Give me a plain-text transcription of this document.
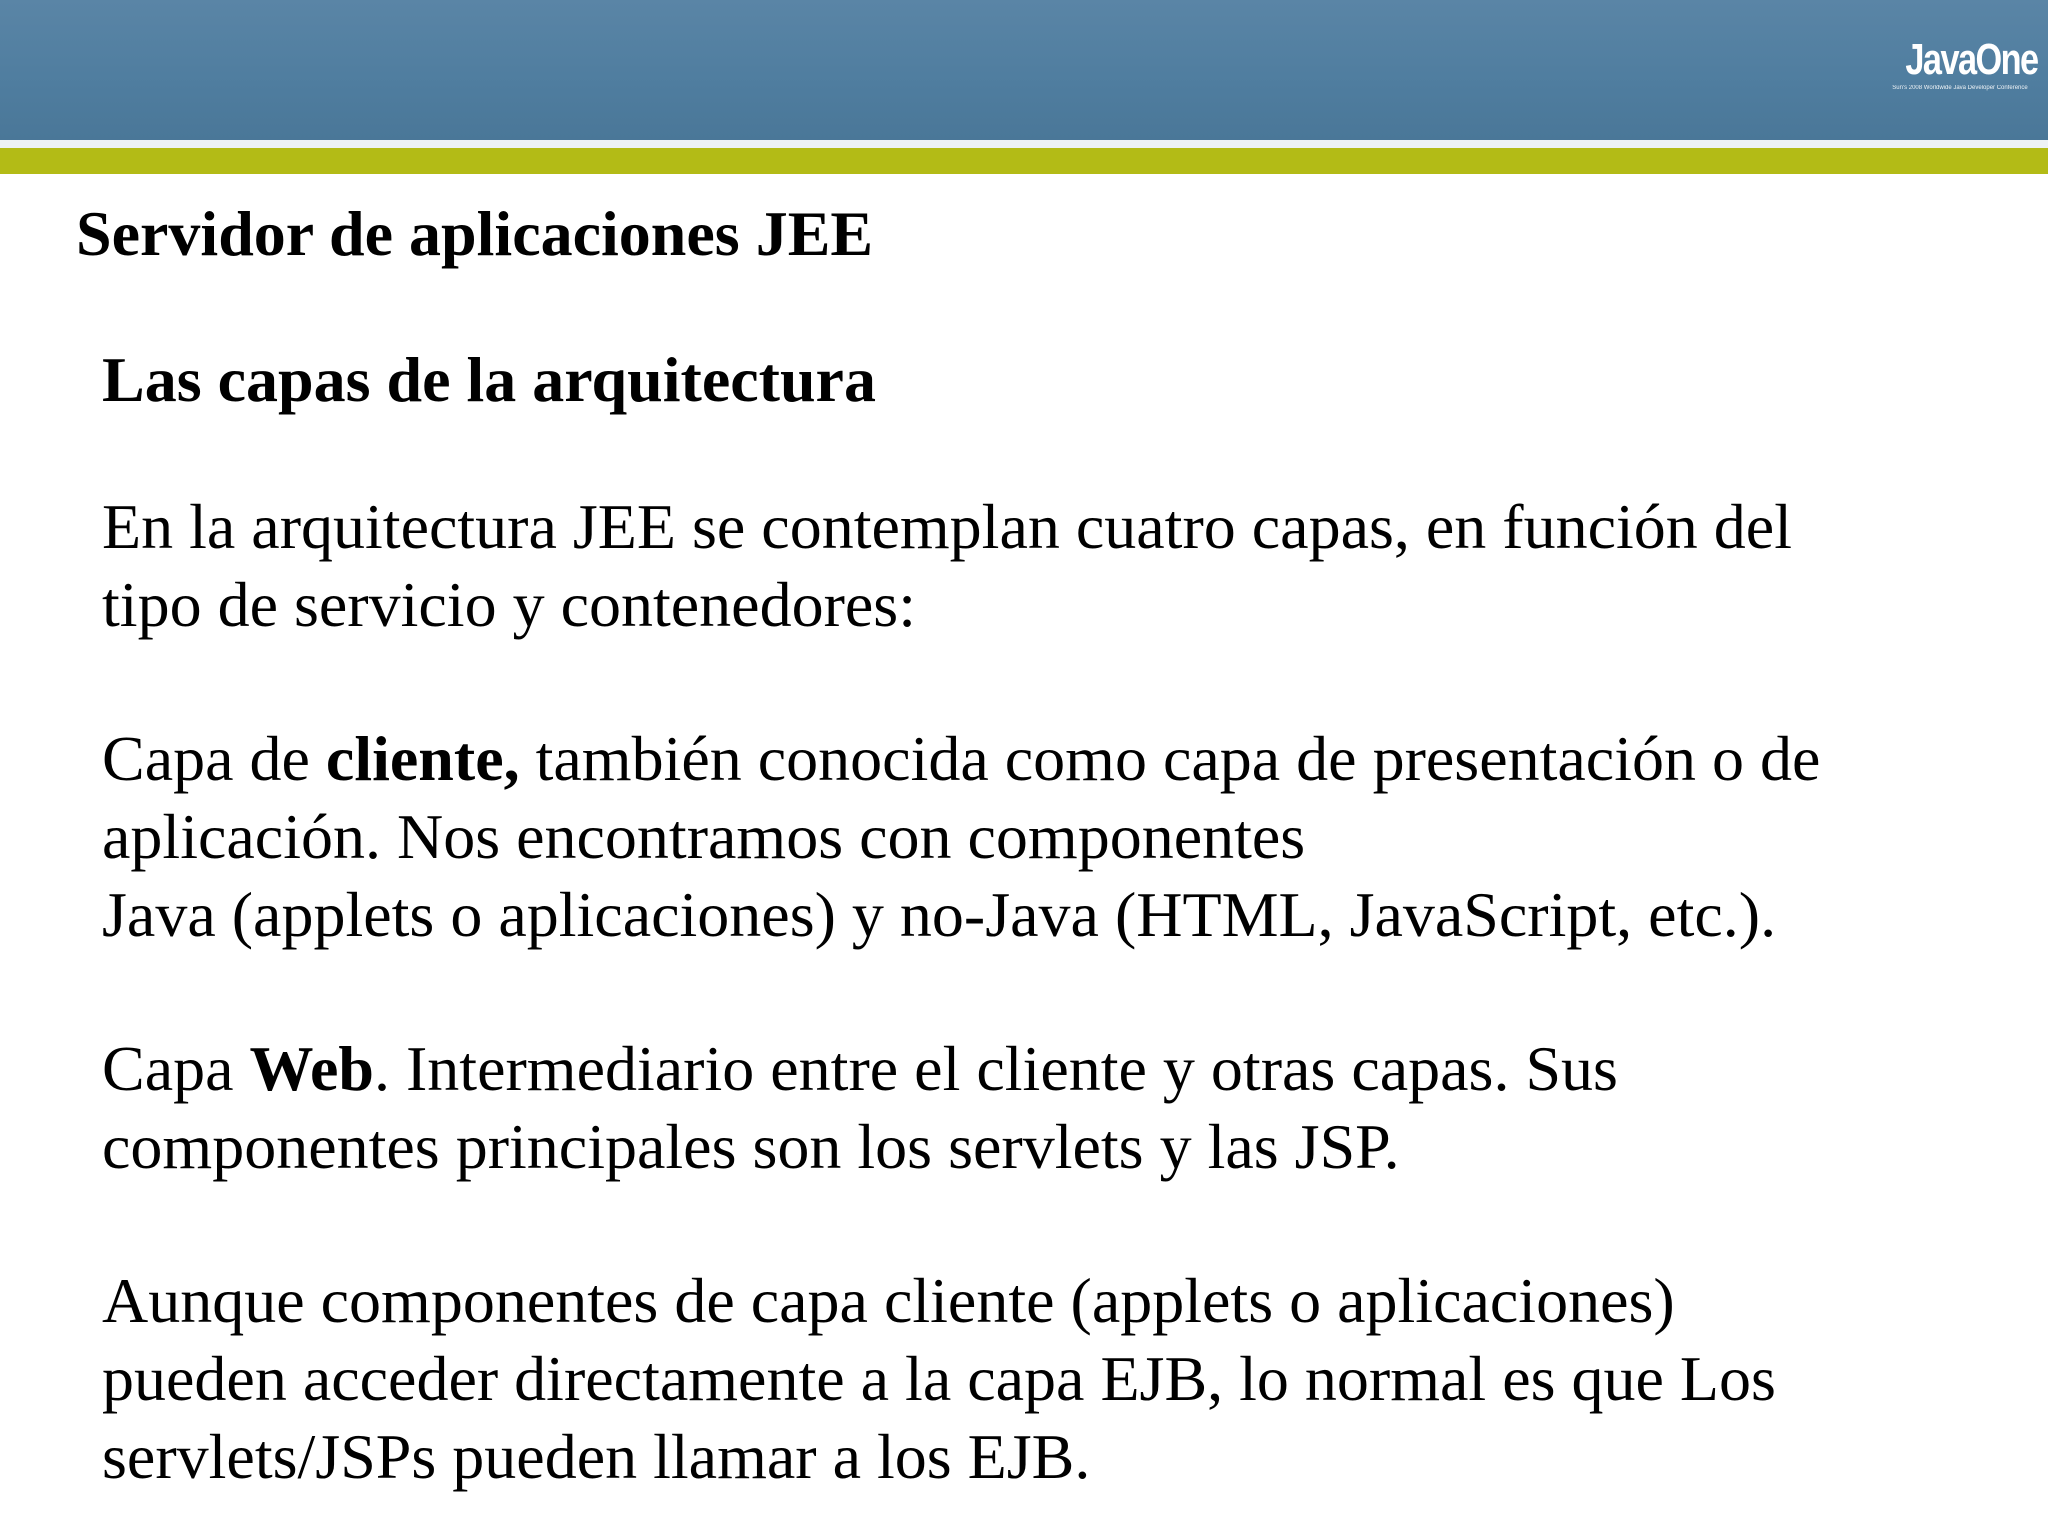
JavaOne
Sun's 2008 Worldwide Java Developer Conference
Servidor de aplicaciones JEE
Las capas de la arquitectura

En la arquitectura JEE se contemplan cuatro capas, en función del
tipo de servicio y contenedores:

Capa de cliente, también conocida como capa de presentación o de
aplicación. Nos encontramos con componentes
Java (applets o aplicaciones) y no-Java (HTML, JavaScript, etc.).

Capa Web. Intermediario entre el cliente y otras capas. Sus
componentes principales son los servlets y las JSP.

Aunque componentes de capa cliente (applets o aplicaciones)
pueden acceder directamente a la capa EJB, lo normal es que Los
servlets/JSPs pueden llamar a los EJB.
